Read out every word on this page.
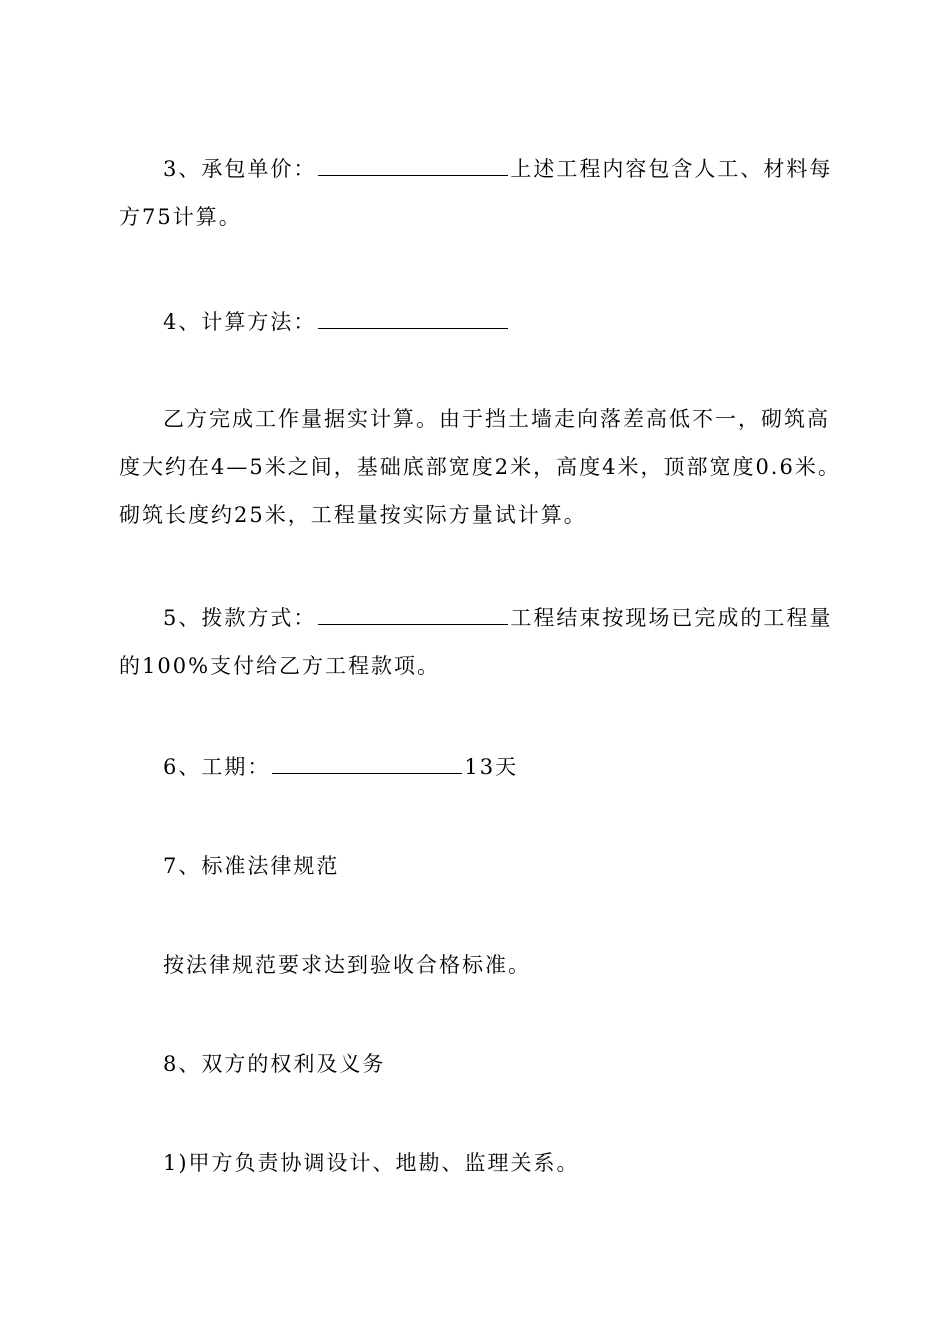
3、承包单价：	上述工程内容包含人工、材料每
方75计算。

4、计算方法：

乙方完成工作量据实计算。由于挡土墙走向落差高低不一，砌筑高
度大约在4—5米之间，基础底部宽度2米，高度4米，顶部宽度0.6米。
砌筑长度约25米，工程量按实际方量试计算。

5、拨款方式：	工程结束按现场已完成的工程量
的100%支付给乙方工程款项。

6、工期：	13天

7、标准法律规范

按法律规范要求达到验收合格标准。

8、双方的权利及义务

1)甲方负责协调设计、地勘、监理关系。
